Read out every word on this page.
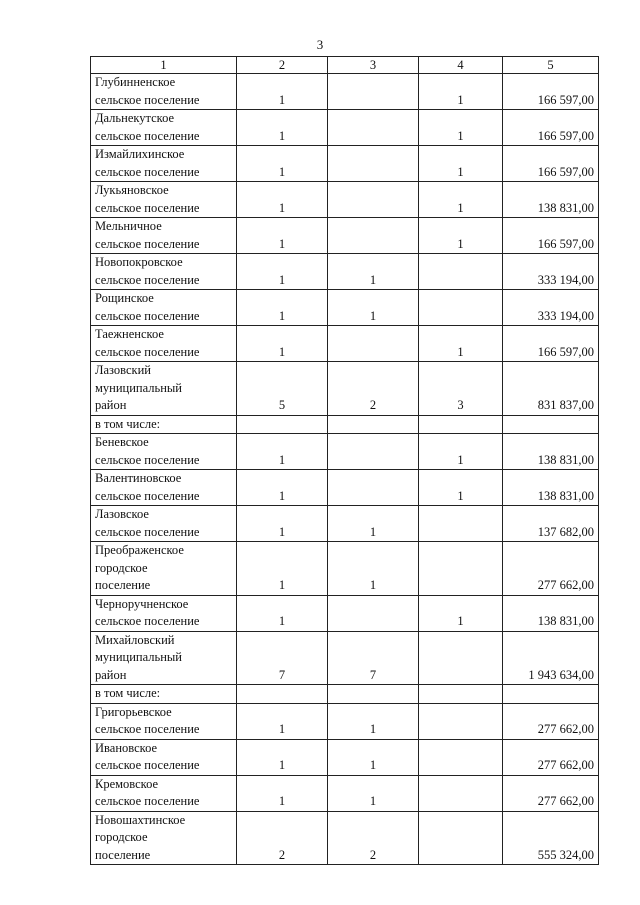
3
1	2	3	4	5
Глубинненское
сельское поселение	1		1	166 597,00
Дальнекутское
сельское поселение	1		1	166 597,00
Измайлихинское
сельское поселение	1		1	166 597,00
Лукьяновское
сельское поселение	1		1	138 831,00
Мельничное
сельское поселение	1		1	166 597,00
Новопокровское
сельское поселение	1	1		333 194,00
Рощинское
сельское поселение	1	1		333 194,00
Таежненское
сельское поселение	1		1	166 597,00
Лазовский
муниципальный
район	5	2	3	831 837,00
в том числе:				
Беневское
сельское поселение	1		1	138 831,00
Валентиновское
сельское поселение	1		1	138 831,00
Лазовское
сельское поселение	1	1		137 682,00
Преображенское
городское
поселение	1	1		277 662,00
Черноручненское
сельское поселение	1		1	138 831,00
Михайловский
муниципальный
район	7	7		1 943 634,00
в том числе:				
Григорьевское
сельское поселение	1	1		277 662,00
Ивановское
сельское поселение	1	1		277 662,00
Кремовское
сельское поселение	1	1		277 662,00
Новошахтинское
городское
поселение	2	2		555 324,00
